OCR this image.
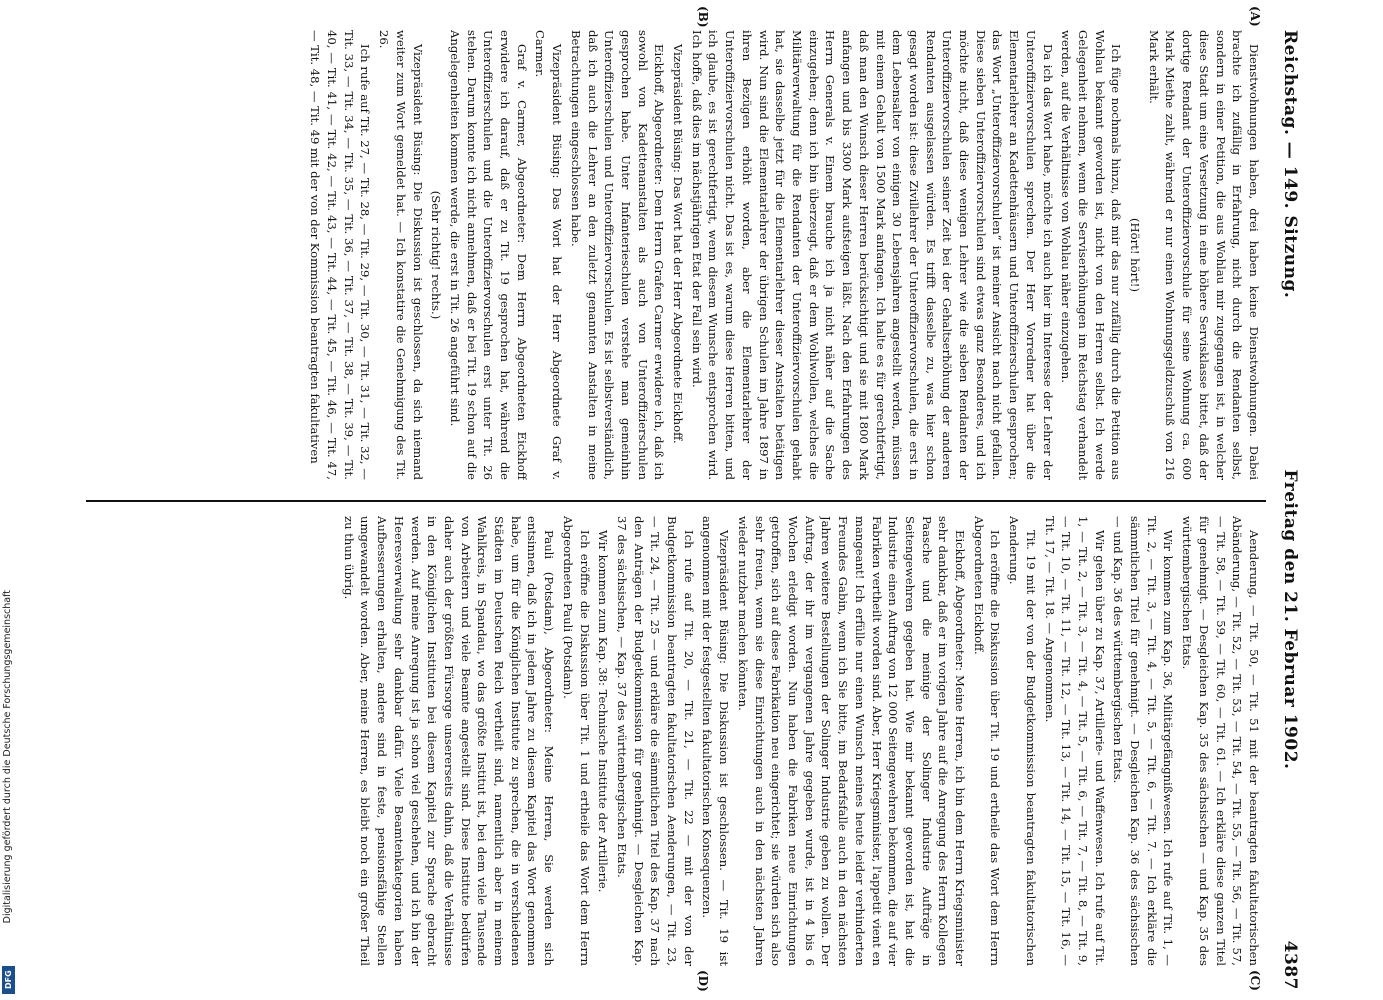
Reichstag. — 149. Sitzung.
Freitag den 21. Februar 1902.
4387
(A)
(B)
(C)
(D)

Dienstwohnungen haben, drei haben keine Dienstwohnungen. Dabei brachte ich zufällig in Erfahrung, nicht durch die Rendanten selbst, sondern in einer Petition, die aus Wohlau mir zugegangen ist, in welcher diese Stadt um eine Versetzung in eine höhere Servisklasse bittet, daß der dortige Rendant der Unteroffiziervorschule für seine Wohnung ca. 600 Mark Miethe zahlt, während er nur einen Wohnungsgeldzuschuß von 216 Mark erhält.

(Hört! hört!)

Ich füge nochmals hinzu, daß mir das nur zufällig durch die Petition aus Wohlau bekannt geworden ist, nicht von den Herren selbst. Ich werde Gelegenheit nehmen, wenn die Serviserhöhungen im Reichstag verhandelt werden, auf die Verhältnisse von Wohlau näher einzugehen.

Da ich das Wort habe, möchte ich auch hier im Interesse der Lehrer der Unteroffiziervorschulen sprechen. Der Herr Vorredner hat über die Elementarlehrer an Kadettenhäusern und Unteroffizierschulen gesprochen; das Wort „Unteroffiziervorschulen“ ist meiner Ansicht nach nicht gefallen. Diese sieben Unteroffiziervorschulen sind etwas ganz Besonderes, und ich möchte nicht, daß diese wenigen Lehrer wie die sieben Rendanten der Unteroffiziervorschulen seiner Zeit bei der Gehaltserhöhung der anderen Rendanten ausgelassen würden. Es trifft dasselbe zu, was hier schon gesagt worden ist: diese Zivillehrer der Unteroffiziervorschulen, die erst in dem Lebensalter von einigen 30 Lebensjahren angestellt werden, müssen mit einem Gehalt von 1500 Mark anfangen. Ich halte es für gerechtfertigt, daß man den Wunsch dieser Herren berücksichtigt und sie mit 1800 Mark anfangen und bis 3300 Mark aufsteigen läßt. Nach den Erfahrungen des Herrn Generals v. Einem brauche ich ja nicht näher auf die Sache einzugehen; denn ich bin überzeugt, daß er dem Wohlwollen, welches die Militärverwaltung für die Rendanten der Unteroffiziervorschulen gehabt hat, sie dasselbe jetzt für die Elementarlehrer dieser Anstalten betätigen wird. Nun sind die Elementarlehrer der übrigen Schulen im Jahre 1897 in ihren Bezügen erhöht worden, aber die Elementarlehrer der Unteroffiziervorschulen nicht. Das ist es, warum diese Herren bitten, und ich glaube, es ist gerechtfertigt, wenn diesem Wunsche entsprochen wird. Ich hoffe, daß dies im nächstjährigen Etat der Fall sein wird.

Vizepräsident Büsing: Das Wort hat der Herr Abgeordnete Eickhoff.

Eickhoff, Abgeordneter: Dem Herrn Grafen Carmer erwidere ich, daß ich sowohl von Kadettenanstalten als auch von Unteroffizierschulen gesprochen habe. Unter Infanterieschulen verstehe man gemeinhin Unteroffizierschulen und Unteroffiziervorschulen. Es ist selbstverständlich, daß ich auch die Lehrer an den zuletzt genannten Anstalten in meine Betrachtungen eingeschlossen habe.

Vizepräsident Büsing: Das Wort hat der Herr Abgeordnete Graf v. Carmer.

Graf v. Carmer, Abgeordneter: Dem Herrn Abgeordneten Eickhoff erwidere ich darauf, daß er zu Tit. 19 gesprochen hat, während die Unteroffizierschulen und die Unteroffiziervorschulen erst unter Tit. 26 stehen. Darum konnte ich nicht annehmen, daß er bei Tit. 19 schon auf die Angelegenheiten kommen werde, die erst in Tit. 26 angeführt sind.

(Sehr richtig! rechts.)

Vizepräsident Büsing: Die Diskussion ist geschlossen, da sich niemand weiter zum Wort gemeldet hat. — Ich konstatire die Genehmigung des Tit. 26.

Ich rufe auf Tit. 27, — Tit. 28, — Tit. 29, — Tit. 30, — Tit. 31, — Tit. 32, — Tit. 33, — Tit. 34, — Tit. 35, — Tit. 36, — Tit. 37, — Tit. 38, — Tit. 39, — Tit. 40, — Tit. 41, — Tit. 42, — Tit. 43, — Tit. 44, — Tit. 45, — Tit. 46, — Tit. 47, — Tit. 48, — Tit. 49 mit der von der Kommission beantragten fakultativen

Aenderung, — Tit. 50, — Tit. 51 mit der beantragten fakultatorischen Abänderung, — Tit. 52, — Tit. 53, — Tit. 54, — Tit. 55, — Tit. 56, — Tit. 57, — Tit. 58, — Tit. 59, — Tit. 60, — Tit. 61. — Ich erkläre diese ganzen Titel für genehmigt. — Desgleichen Kap. 35 des sächsischen — und Kap. 35 des württembergischen Etats.

Wir kommen zum Kap. 36, Militärgefängnißwesen. Ich rufe auf Tit. 1, — Tit. 2, — Tit. 3, — Tit. 4, — Tit. 5, — Tit. 6, — Tit. 7. — Ich erkläre die sämmtlichen Titel für genehmigt. — Desgleichen Kap. 36 des sächsischen — und Kap. 36 des württembergischen Etats.

Wir gehen über zu Kap. 37, Artillerie- und Waffenwesen. Ich rufe auf Tit. 1, — Tit. 2, — Tit. 3, — Tit. 4, — Tit. 5, — Tit. 6, — Tit. 7, — Tit. 8, — Tit. 9, — Tit. 10, — Tit. 11, — Tit. 12, — Tit. 13, — Tit. 14, — Tit. 15, — Tit. 16, — Tit. 17, — Tit. 18. — Angenommen.

Tit. 19 mit der von der Budgetkommission beantragten fakultatorischen Aenderung.

Ich eröffne die Diskussion über Tit. 19 und ertheile das Wort dem Herrn Abgeordneten Eickhoff.

Eickhoff, Abgeordneter: Meine Herren, ich bin dem Herrn Kriegsminister sehr dankbar, daß er im vorigen Jahre auf die Anregung des Herrn Kollegen Paasche und die meinige der Solinger Industrie Aufträge in Seitengewehren gegeben hat. Wie mir bekannt geworden ist, hat die Industrie einen Auftrag von 12 000 Seitengewehren bekommen, die auf vier Fabriken vertheilt worden sind. Aber, Herr Kriegsminister, l'appetit vient en mangeant! Ich erfülle nur einen Wunsch meines heute leider verhinderten Freundes Gabin, wenn ich Sie bitte, im Bedarfsfalle auch in den nächsten Jahren weitere Bestellungen der Solinger Industrie geben zu wollen. Der Auftrag, der ihr im vergangenen Jahre gegeben wurde, ist in 4 bis 6 Wochen erledigt worden. Nun haben die Fabriken neue Einrichtungen getroffen, sich auf diese Fabrikation neu eingerichtet; sie würden sich also sehr freuen, wenn sie diese Einrichtungen auch in den nächsten Jahren wieder nutzbar machen könnten.

Vizepräsident Büsing: Die Diskussion ist geschlossen. — Tit. 19 ist angenommen mit der festgestellten fakultatorischen Konsequenzen.

Ich rufe auf Tit. 20, — Tit. 21, — Tit. 22 — mit der von der Budgetkommission beantragten fakultatorischen Aenderungen, — Tit. 23, — Tit. 24, — Tit. 25 — und erkläre die sämmtlichen Titel des Kap. 37 nach den Anträgen der Budgetkommission für genehmigt. — Desgleichen Kap. 37 des sächsischen, — Kap. 37 des württembergischen Etats.

Wir kommen zum Kap. 38: Technische Institute der Artillerie.

Ich eröffne die Diskussion über Tit. 1 und ertheile das Wort dem Herrn Abgeordneten Pauli (Potsdam).

Pauli (Potsdam), Abgeordneter: Meine Herren, Sie werden sich entsinnen, daß ich in jedem Jahre zu diesem Kapitel das Wort genommen habe, um für die Königlichen Institute zu sprechen, die in verschiedenen Städten im Deutschen Reich vertheilt sind, namentlich aber in meinem Wahlkreis, in Spandau, wo das größte Institut ist, bei dem viele Tausende von Arbeitern und viele Beamte angestellt sind. Diese Institute bedürfen daher auch der größten Fürsorge unsererseits dahin, daß die Verhältnisse in den Königlichen Instituten bei diesem Kapitel zur Sprache gebracht werden. Auf meine Anregung ist ja schon viel geschehen, und ich bin der Heeresverwaltung sehr dankbar dafür. Viele Beamtenkategorien haben Aufbesserungen erhalten, andere sind in feste, pensionsfähige Stellen umgewandelt worden. Aber, meine Herren, es bleibt noch ein großer Theil zu thun übrig.

Digitalisierung gefördert durch die Deutsche Forschungsgemeinschaft
DFG
